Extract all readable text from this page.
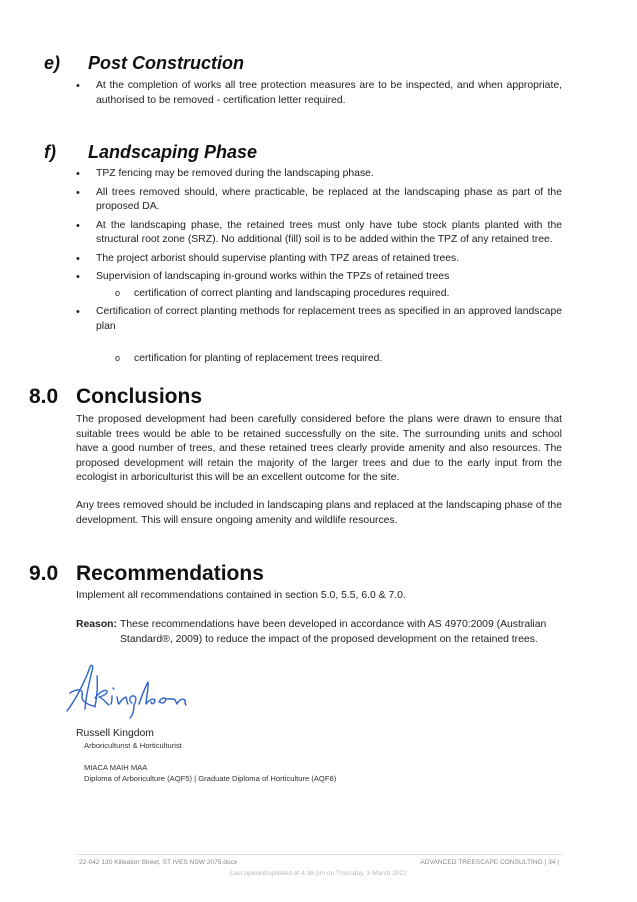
e) Post Construction
• At the completion of works all tree protection measures are to be inspected, and when appropriate, authorised to be removed - certification letter required.
f) Landscaping Phase
• TPZ fencing may be removed during the landscaping phase.
• All trees removed should, where practicable, be replaced at the landscaping phase as part of the proposed DA.
• At the landscaping phase, the retained trees must only have tube stock plants planted with the structural root zone (SRZ). No additional (fill) soil is to be added within the TPZ of any retained tree.
• The project arborist should supervise planting with TPZ areas of retained trees.
• Supervision of landscaping in-ground works within the TPZs of retained trees
o certification of correct planting and landscaping procedures required.
• Certification of correct planting methods for replacement trees as specified in an approved landscape plan
o certification for planting of replacement trees required.
8.0 Conclusions
The proposed development had been carefully considered before the plans were drawn to ensure that suitable trees would be able to be retained successfully on the site. The surrounding units and school have a good number of trees, and these retained trees clearly provide amenity and also resources. The proposed development will retain the majority of the larger trees and due to the early input from the ecologist in arboriculturist this will be an excellent outcome for the site.
Any trees removed should be included in landscaping plans and replaced at the landscaping phase of the development. This will ensure ongoing amenity and wildlife resources.
9.0 Recommendations
Implement all recommendations contained in section 5.0, 5.5, 6.0 & 7.0.
Reason: These recommendations have been developed in accordance with AS 4970:2009 (Australian Standard®, 2009) to reduce the impact of the proposed development on the retained trees.
Russell Kingdom
Arboriculturist & Horticulturist
MIACA MAIH MAA
Diploma of Arboriculture (AQF5) | Graduate Diploma of Horticulture (AQF8)
22-042 130 Killeaton Street, ST IVES NSW 2075.docx	ADVANCED TREESCAPE CONSULTING | 34 |
Last opened/updated at 4:36 pm on Thursday, 3 March 2022
